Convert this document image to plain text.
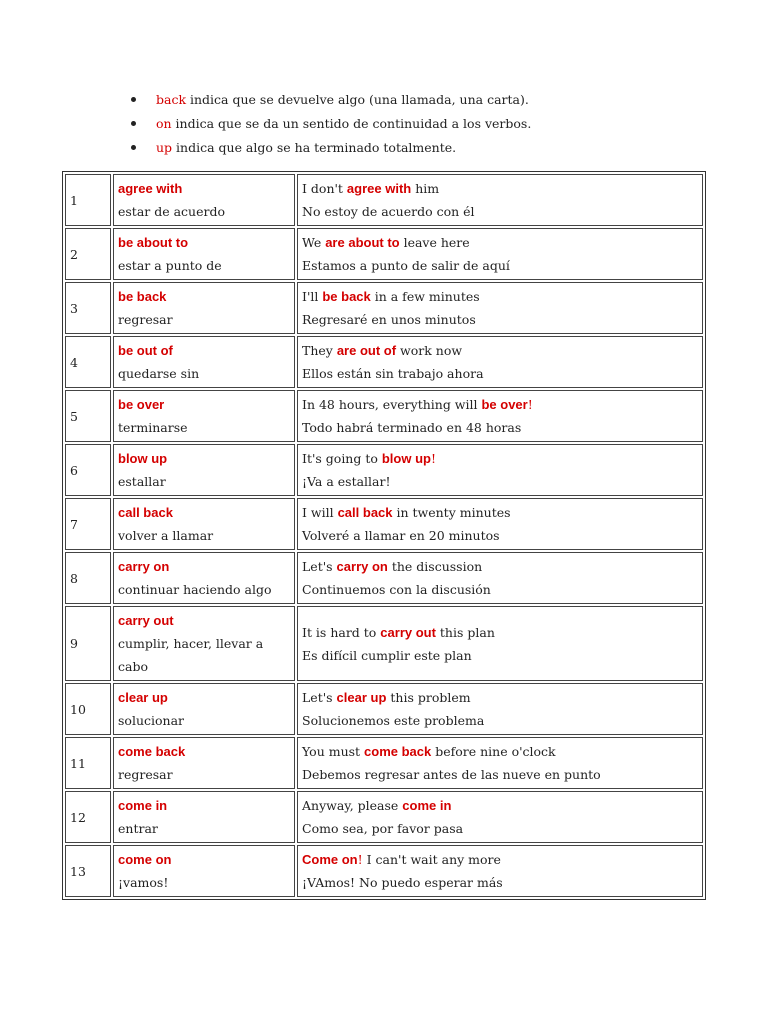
back indica que se devuelve algo (una llamada, una carta).
on indica que se da un sentido de continuidad a los verbos.
up indica que algo se ha terminado totalmente.
1	agree with
estar de acuerdo	I don't agree with him
No estoy de acuerdo con él

2	be about to
estar a punto de	We are about to leave here
Estamos a punto de salir de aquí

3	be back
regresar	I'll be back in a few minutes
Regresaré en unos minutos

4	be out of
quedarse sin	They are out of work now
Ellos están sin trabajo ahora

5	be over
terminarse	In 48 hours, everything will be over!
Todo habrá terminado en 48 horas

6	blow up
estallar	It's going to blow up!
¡Va a estallar!

7	call back
volver a llamar	I will call back in twenty minutes
Volveré a llamar en 20 minutos

8	carry on
continuar haciendo algo	Let's carry on the discussion
Continuemos con la discusión

9	carry out
cumplir, hacer, llevar a cabo	It is hard to carry out this plan
Es difícil cumplir este plan

10	clear up
solucionar	Let's clear up this problem
Solucionemos este problema

11	come back
regresar	You must come back before nine o'clock
Debemos regresar antes de las nueve en punto

12	come in
entrar	Anyway, please come in
Como sea, por favor pasa

13	come on
¡vamos!	Come on! I can't wait any more
¡VAmos! No puedo esperar más
